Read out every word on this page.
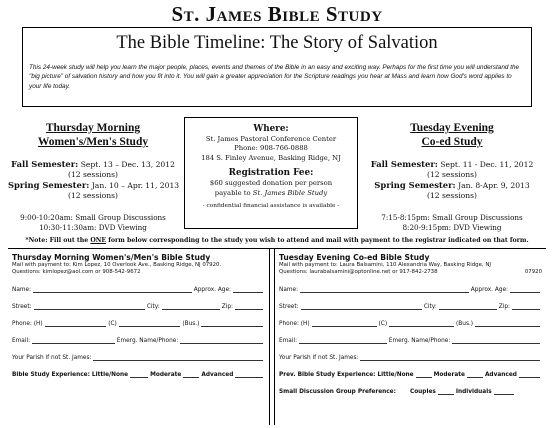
St. James Bible Study
The Bible Timeline: The Story of Salvation
This 24-week study will help you learn the major people, places, events and themes of the Bible in an easy and exciting way. Perhaps for the first time you will understand the "big picture" of salvation history and how you fit into it. You will gain a greater appreciation for the Scripture readings you hear at Mass and learn how God's word applies to your life today.
Thursday Morning
Women's/Men's Study
Fall Semester: Sept. 13 – Dec. 13, 2012
(12 sessions)
Spring Semester: Jan. 10 – Apr. 11, 2013
(12 sessions)
9:00-10:20am: Small Group Discussions
10:30-11:30am: DVD Viewing
Where:
St. James Pastoral Conference Center
Phone: 908-766-0888
184 S. Finley Avenue, Basking Ridge, NJ
Registration Fee:
$60 suggested donation per person
payable to St. James Bible Study
- confidential financial assistance is available -
Tuesday Evening
Co-ed Study
Fall Semester: Sept. 11 - Dec. 11, 2012
(12 sessions)
Spring Semester: Jan. 8-Apr. 9, 2013
(12 sessions)
7:15-8:15pm: Small Group Discussions
8:20-9:15pm: DVD Viewing
*Note: Fill out the ONE form below corresponding to the study you wish to attend and mail with payment to the registrar indicated on that form.
Thursday Morning Women's/Men's Bible Study
Mail with payment to: Kim Lopez, 10 Overlook Ave., Basking Ridge, NJ 07920.
Questions: kimlopez@aol.com or 908-542-9672
Name:	Approx. Age:
Street:	City:	Zip:
Phone: (H)	(C)	(Bus.)
Email:	Emerg. Name/Phone:
Your Parish if not St. James:
Bible Study Experience: Little/None	Moderate	Advanced
Tuesday Evening Co-ed Bible Study
Mail with payment to: Laura Balsamini, 110 Alexandria Way, Basking Ridge, NJ
Questions: laurabalsamini@optonline.net or 917-842-2738	07920
Name:	Approx. Age:
Street:	City:	Zip:
Phone: (H)	(C)	(Bus.)
Email:	Emerg. Name/Phone:
Your Parish if not St. James:
Prev. Bible Study Experience: Little/None	Moderate	Advanced
Small Discussion Group Preference: Couples	Individuals
